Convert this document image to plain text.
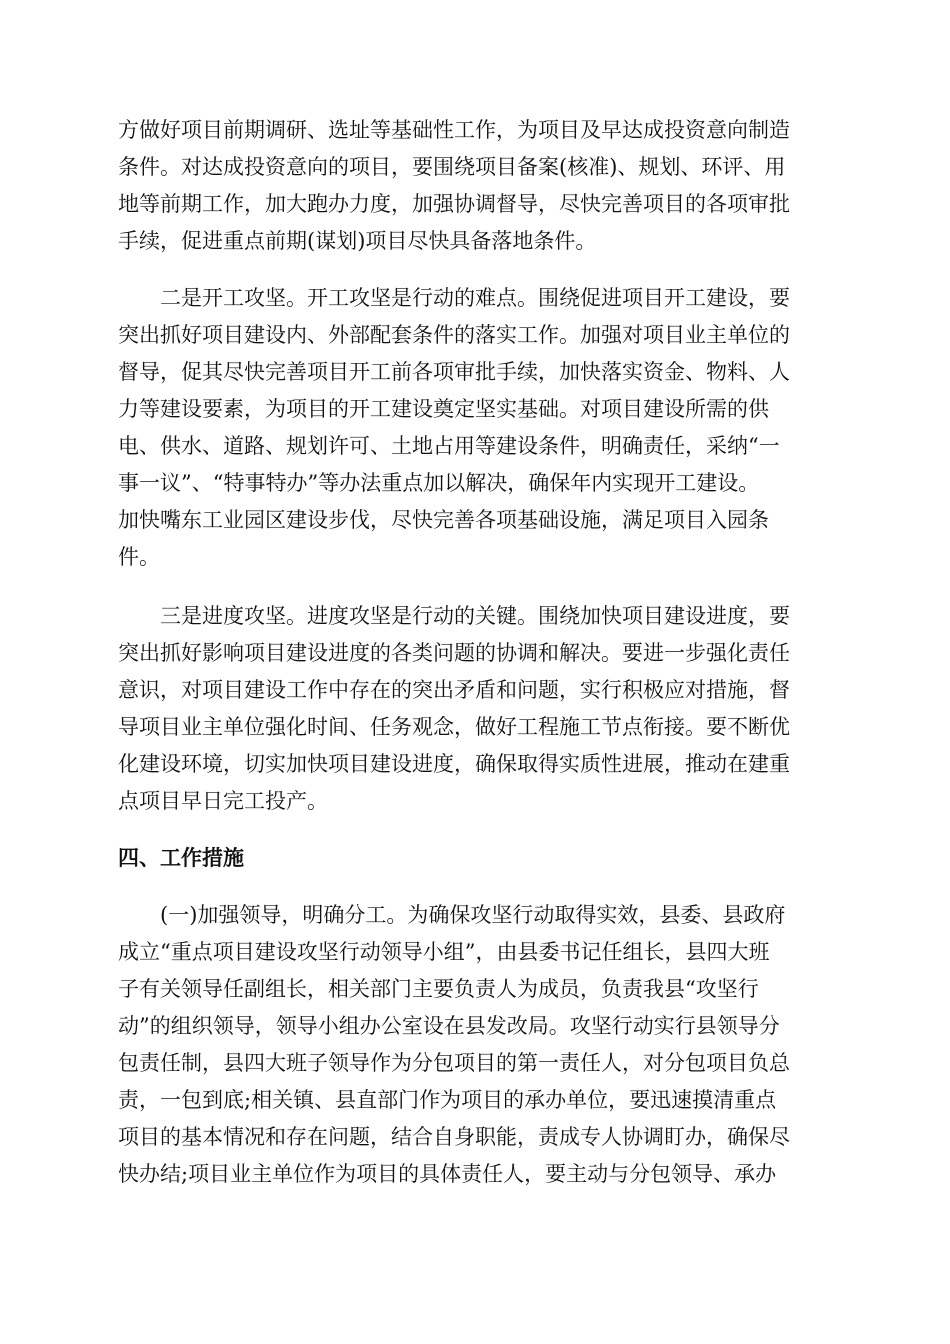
方做好项目前期调研、选址等基础性工作，为项目及早达成投资意向制造
条件。对达成投资意向的项目，要围绕项目备案(核准)、规划、环评、用
地等前期工作，加大跑办力度，加强协调督导，尽快完善项目的各项审批
手续，促进重点前期(谋划)项目尽快具备落地条件。
　　二是开工攻坚。开工攻坚是行动的难点。围绕促进项目开工建设，要
突出抓好项目建设内、外部配套条件的落实工作。加强对项目业主单位的
督导，促其尽快完善项目开工前各项审批手续，加快落实资金、物料、人
力等建设要素，为项目的开工建设奠定坚实基础。对项目建设所需的供
电、供水、道路、规划许可、土地占用等建设条件，明确责任，采纳“一
事一议”、“特事特办”等办法重点加以解决，确保年内实现开工建设。
加快嘴东工业园区建设步伐，尽快完善各项基础设施，满足项目入园条
件。
　　三是进度攻坚。进度攻坚是行动的关键。围绕加快项目建设进度，要
突出抓好影响项目建设进度的各类问题的协调和解决。要进一步强化责任
意识，对项目建设工作中存在的突出矛盾和问题，实行积极应对措施，督
导项目业主单位强化时间、任务观念，做好工程施工节点衔接。要不断优
化建设环境，切实加快项目建设进度，确保取得实质性进展，推动在建重
点项目早日完工投产。
四、工作措施
　　(一)加强领导，明确分工。为确保攻坚行动取得实效，县委、县政府
成立“重点项目建设攻坚行动领导小组”，由县委书记任组长，县四大班
子有关领导任副组长，相关部门主要负责人为成员，负责我县“攻坚行
动”的组织领导，领导小组办公室设在县发改局。攻坚行动实行县领导分
包责任制，县四大班子领导作为分包项目的第一责任人，对分包项目负总
责，一包到底;相关镇、县直部门作为项目的承办单位，要迅速摸清重点
项目的基本情况和存在问题，结合自身职能，责成专人协调盯办，确保尽
快办结;项目业主单位作为项目的具体责任人，要主动与分包领导、承办
